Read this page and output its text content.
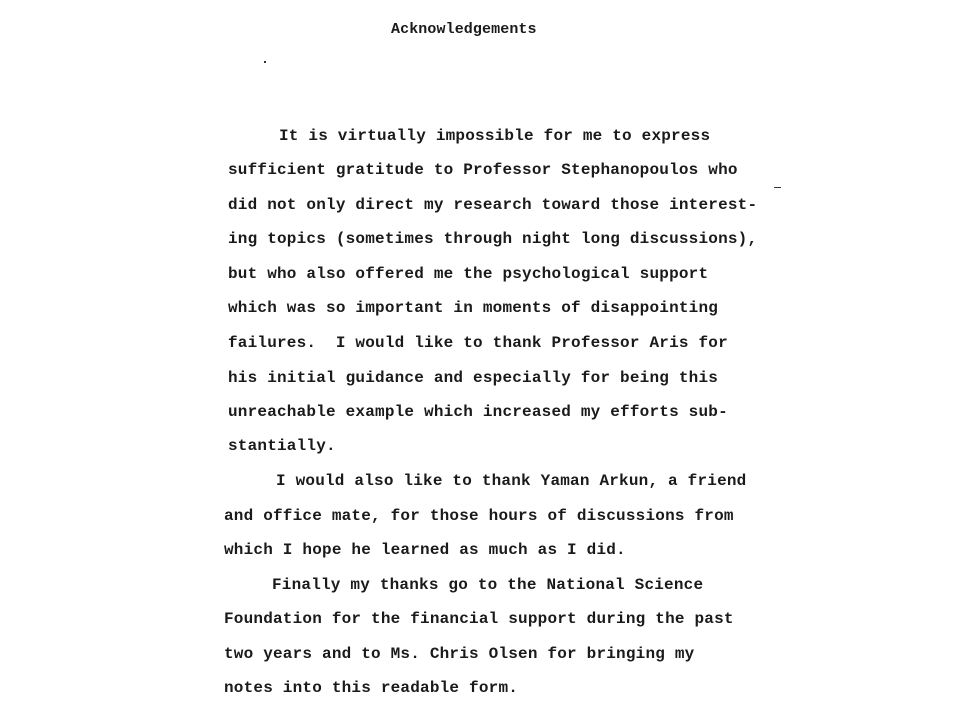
Acknowledgements
It is virtually impossible for me to express
sufficient gratitude to Professor Stephanopoulos who
did not only direct my research toward those interest-
ing topics (sometimes through night long discussions),
but who also offered me the psychological support
which was so important in moments of disappointing
failures.  I would like to thank Professor Aris for
his initial guidance and especially for being this
unreachable example which increased my efforts sub-
stantially.
I would also like to thank Yaman Arkun, a friend
and office mate, for those hours of discussions from
which I hope he learned as much as I did.
Finally my thanks go to the National Science
Foundation for the financial support during the past
two years and to Ms. Chris Olsen for bringing my
notes into this readable form.
